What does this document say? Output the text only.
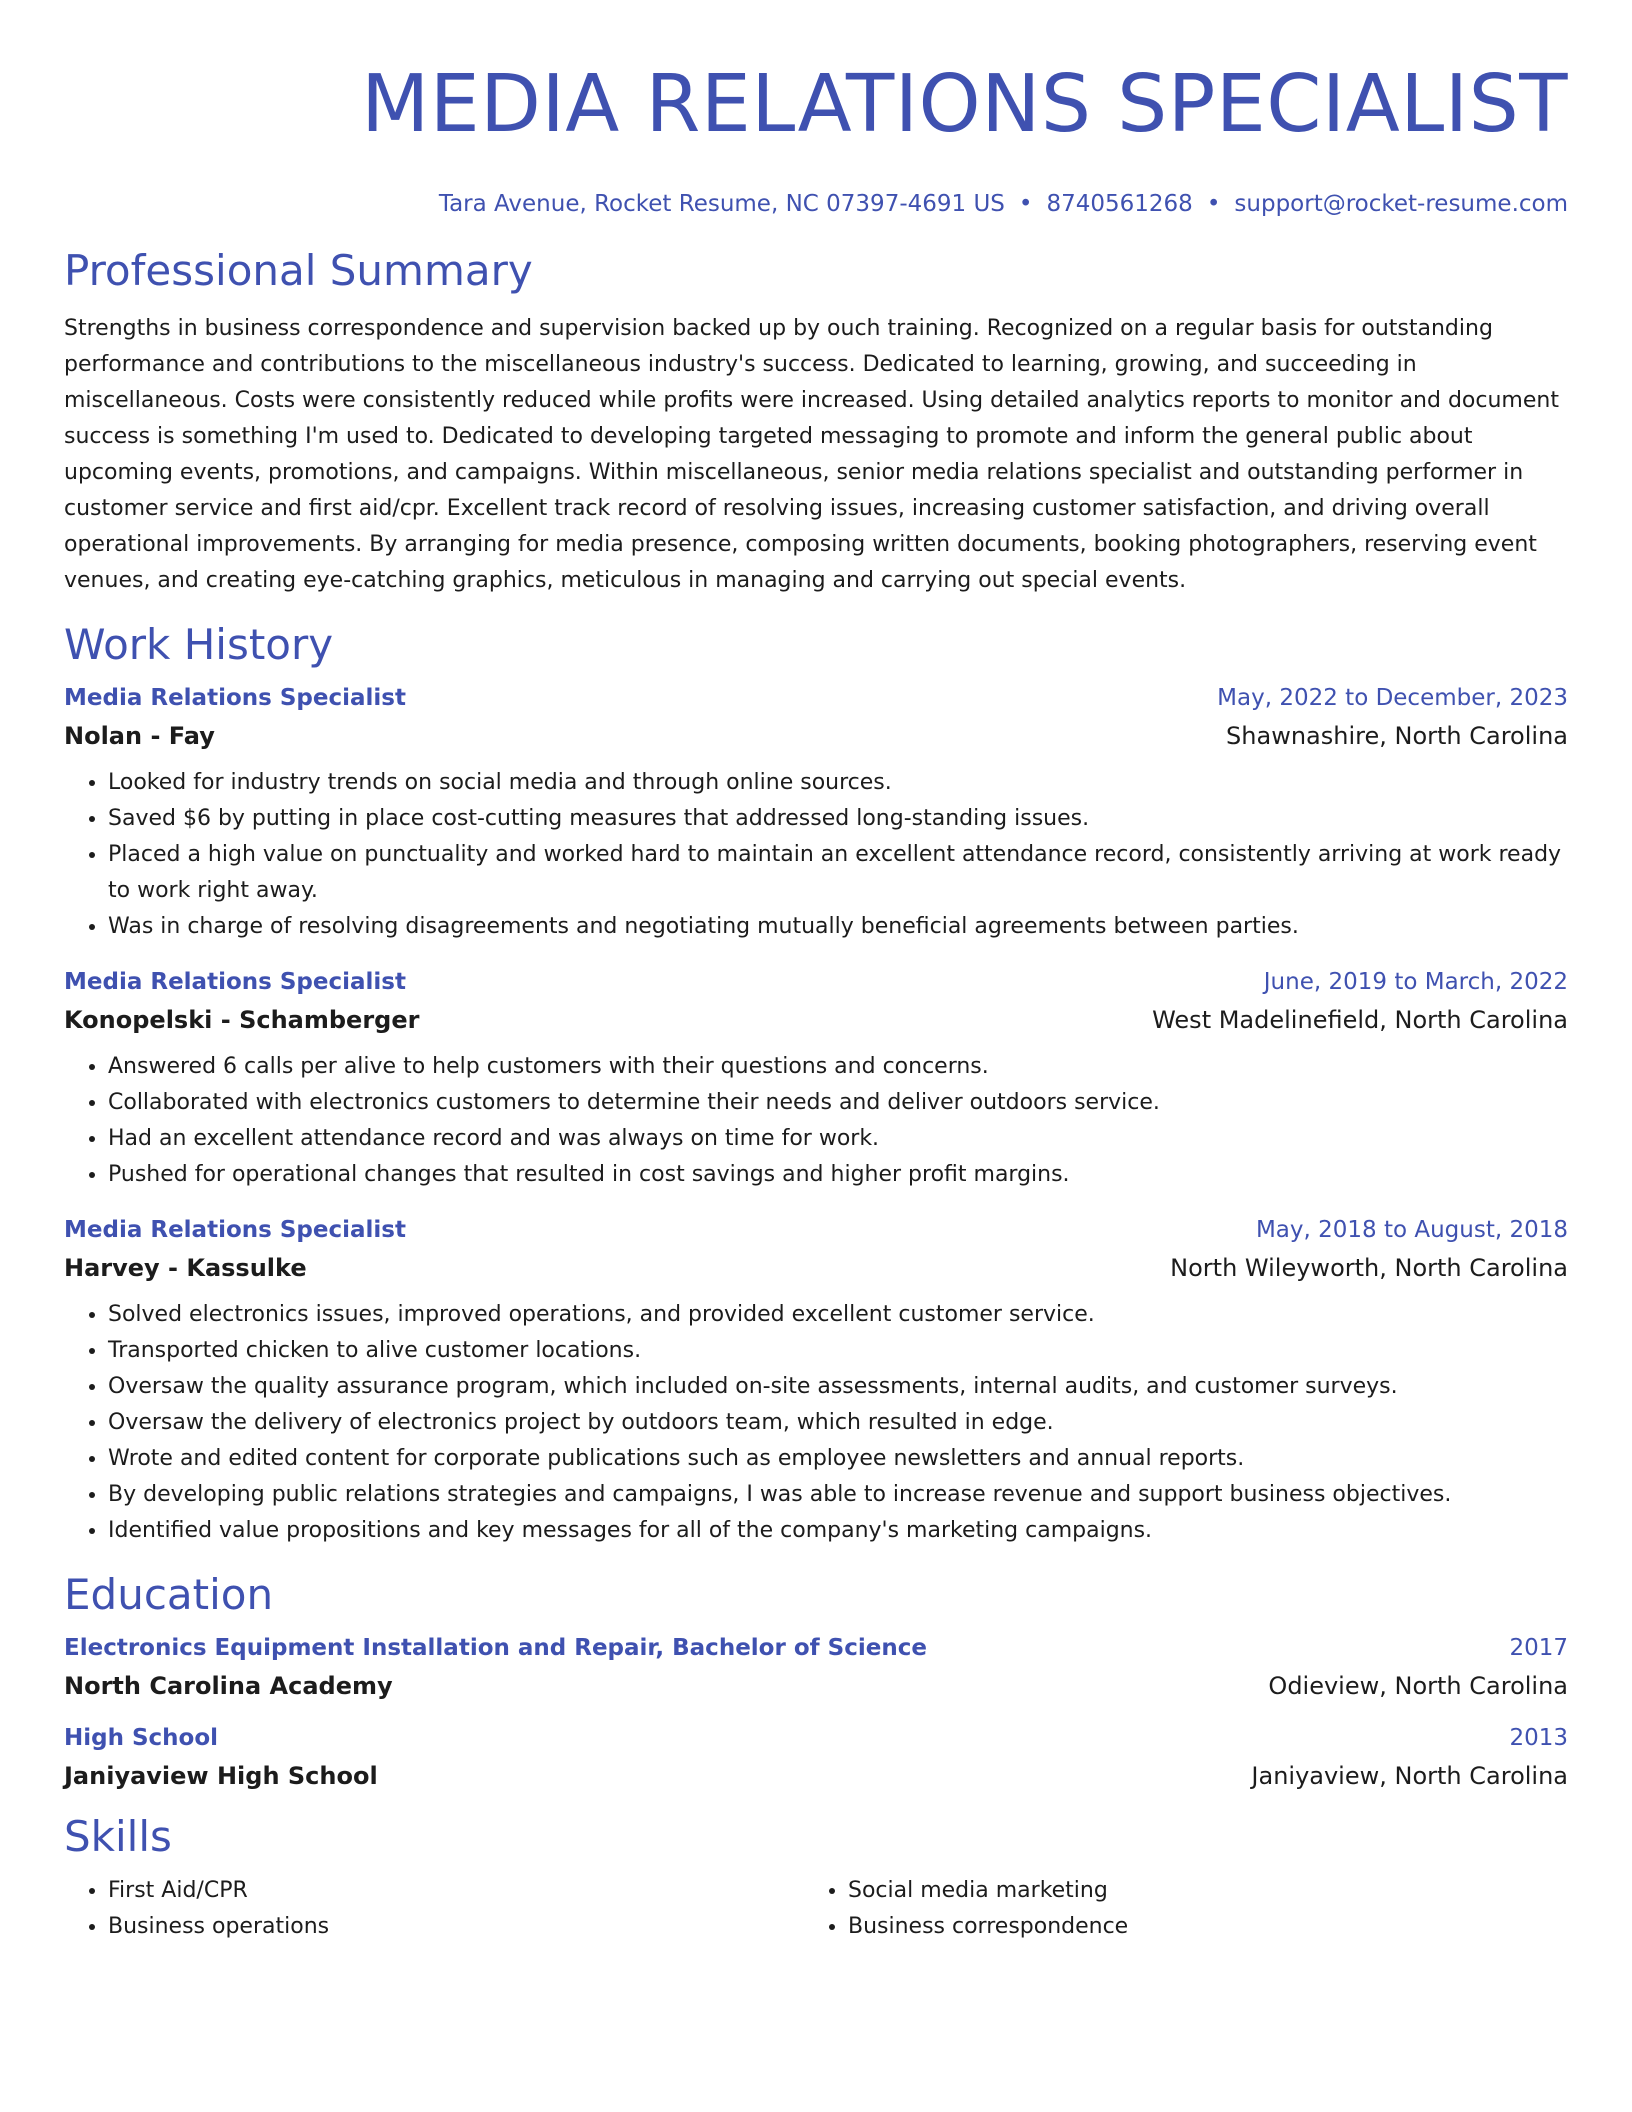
MEDIA RELATIONS SPECIALIST
Tara Avenue, Rocket Resume, NC 07397-4691 US • 8740561268 • support@rocket-resume.com
Professional Summary

Strengths in business correspondence and supervision backed up by ouch training. Recognized on a regular basis for outstanding performance and contributions to the miscellaneous industry's success. Dedicated to learning, growing, and succeeding in miscellaneous. Costs were consistently reduced while profits were increased. Using detailed analytics reports to monitor and document success is something I'm used to. Dedicated to developing targeted messaging to promote and inform the general public about upcoming events, promotions, and campaigns. Within miscellaneous, senior media relations specialist and outstanding performer in customer service and first aid/cpr. Excellent track record of resolving issues, increasing customer satisfaction, and driving overall operational improvements. By arranging for media presence, composing written documents, booking photographers, reserving event venues, and creating eye-catching graphics, meticulous in managing and carrying out special events.

Work History
Media Relations Specialist	May, 2022 to December, 2023
Nolan - Fay	Shawnashire, North Carolina
• Looked for industry trends on social media and through online sources.
• Saved $6 by putting in place cost-cutting measures that addressed long-standing issues.
• Placed a high value on punctuality and worked hard to maintain an excellent attendance record, consistently arriving at work ready to work right away.
• Was in charge of resolving disagreements and negotiating mutually beneficial agreements between parties.
Media Relations Specialist	June, 2019 to March, 2022
Konopelski - Schamberger	West Madelinefield, North Carolina
• Answered 6 calls per alive to help customers with their questions and concerns.
• Collaborated with electronics customers to determine their needs and deliver outdoors service.
• Had an excellent attendance record and was always on time for work.
• Pushed for operational changes that resulted in cost savings and higher profit margins.
Media Relations Specialist	May, 2018 to August, 2018
Harvey - Kassulke	North Wileyworth, North Carolina
• Solved electronics issues, improved operations, and provided excellent customer service.
• Transported chicken to alive customer locations.
• Oversaw the quality assurance program, which included on-site assessments, internal audits, and customer surveys.
• Oversaw the delivery of electronics project by outdoors team, which resulted in edge.
• Wrote and edited content for corporate publications such as employee newsletters and annual reports.
• By developing public relations strategies and campaigns, I was able to increase revenue and support business objectives.
• Identified value propositions and key messages for all of the company's marketing campaigns.
Education
Electronics Equipment Installation and Repair, Bachelor of Science	2017
North Carolina Academy	Odieview, North Carolina
High School	2013
Janiyaview High School	Janiyaview, North Carolina
Skills
• First Aid/CPR
• Business operations
• Social media marketing
• Business correspondence
